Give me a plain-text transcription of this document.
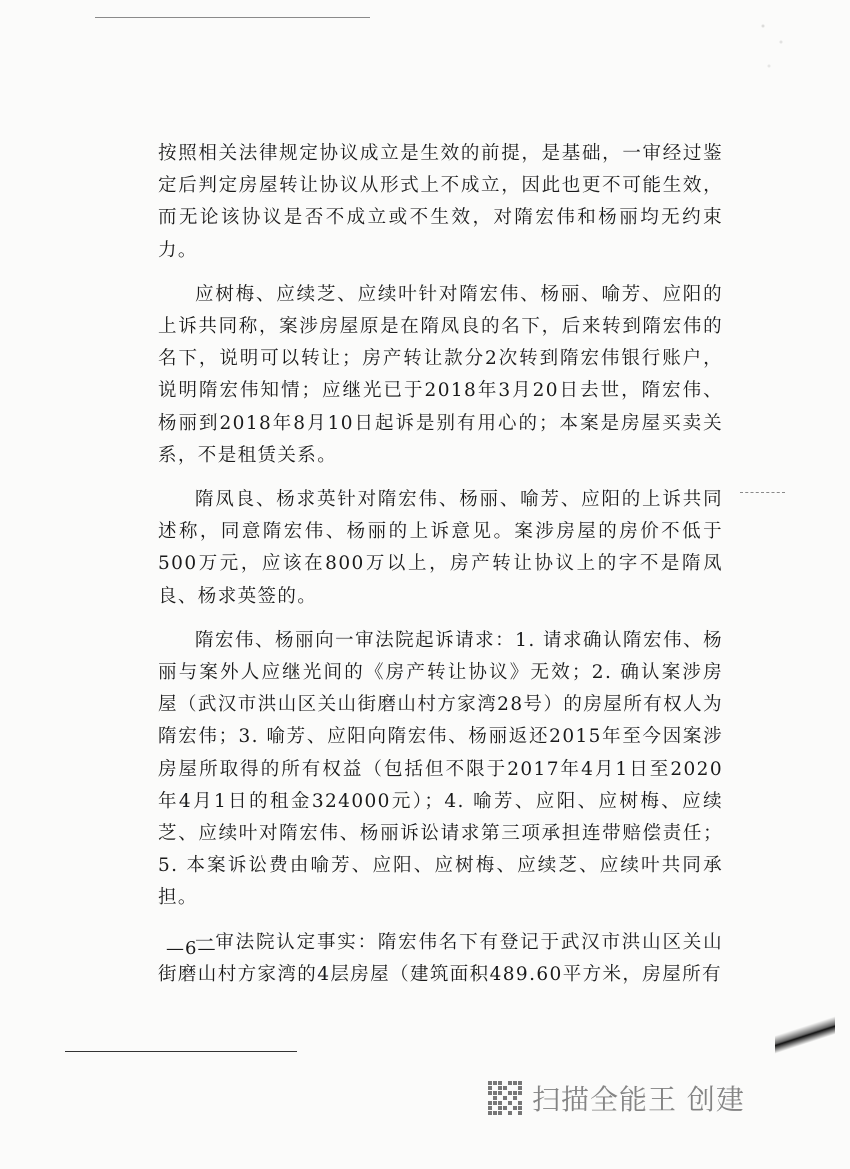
按照相关法律规定协议成立是生效的前提，是基础，一审经过鉴定后判定房屋转让协议从形式上不成立，因此也更不可能生效，而无论该协议是否不成立或不生效，对隋宏伟和杨丽均无约束力。

应树梅、应续芝、应续叶针对隋宏伟、杨丽、喻芳、应阳的上诉共同称，案涉房屋原是在隋凤良的名下，后来转到隋宏伟的名下，说明可以转让；房产转让款分2次转到隋宏伟银行账户，说明隋宏伟知情；应继光已于2018年3月20日去世，隋宏伟、杨丽到2018年8月10日起诉是别有用心的；本案是房屋买卖关系，不是租赁关系。

隋凤良、杨求英针对隋宏伟、杨丽、喻芳、应阳的上诉共同述称，同意隋宏伟、杨丽的上诉意见。案涉房屋的房价不低于500万元，应该在800万以上，房产转让协议上的字不是隋凤良、杨求英签的。

隋宏伟、杨丽向一审法院起诉请求：1. 请求确认隋宏伟、杨丽与案外人应继光间的《房产转让协议》无效；2. 确认案涉房屋（武汉市洪山区关山街磨山村方家湾28号）的房屋所有权人为隋宏伟；3. 喻芳、应阳向隋宏伟、杨丽返还2015年至今因案涉房屋所取得的所有权益（包括但不限于2017年4月1日至2020年4月1日的租金324000元）；4. 喻芳、应阳、应树梅、应续芝、应续叶对隋宏伟、杨丽诉讼请求第三项承担连带赔偿责任；5. 本案诉讼费由喻芳、应阳、应树梅、应续芝、应续叶共同承担。

一审法院认定事实：隋宏伟名下有登记于武汉市洪山区关山街磨山村方家湾的4层房屋（建筑面积489.60平方米，房屋所有

—6—
扫描全能王 创建
